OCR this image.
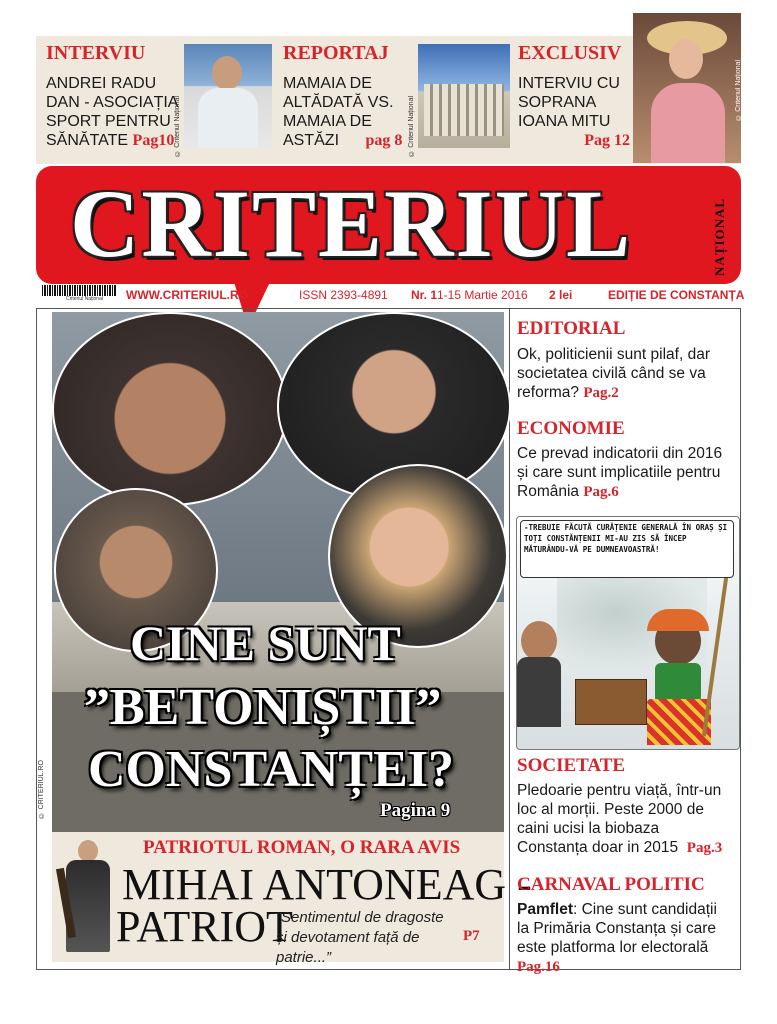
INTERVIU
ANDREI RADU
DAN - ASOCIAȚIA
SPORT PENTRU
SĂNĂTATE Pag10 © Criteriul Național
REPORTAJ
MAMAIA DE
ALTĂDATĂ VS.
MAMAIA DE
ASTĂZI pag 8 © Criteriul Național
EXCLUSIV
INTERVIU CU
SOPRANA
IOANA MITU
Pag 12
© Criteriul Național
CRITERIUL	NAȚIONAL
Criteriul Național WWW.CRITERIUL.RO	ISSN 2393-4891 Nr. 1 1-15 Martie 2016 2 lei	EDIȚIE DE CONSTANȚA
© CRITERIUL.RO
CINE SUNT
”BETONIȘTII”
CONSTANȚEI?
Pagina 9
PATRIOTUL ROMAN, O RARA AVIS
MIHAI ANTONEAG -
PATRIOT
”Sentimentul de dragoste și devotament față de patrie...”
P7
EDITORIAL
Ok, politicienii sunt pilaf, dar societatea civilă când se va reforma? Pag.2
ECONOMIE
Ce prevad indicatorii din 2016 și care sunt implicatiile pentru România Pag.6
-TREBUIE FĂCUTĂ CURĂȚENIE GENERALĂ ÎN ORAȘ ȘI TOȚI CONSTĂNȚENII MI-AU ZIS SĂ ÎNCEP MĂTURÂNDU-VĂ PE DUMNEAVOASTRĂ!
SOCIETATE
Pledoarie pentru viață, într-un loc al morții. Peste 2000 de caini ucisi la biobaza Constanța doar in 2015 Pag.3
CARNAVAL POLITIC
Pamflet: Cine sunt candidații la Primăria Constanța și care este platforma lor electorală Pag.16
